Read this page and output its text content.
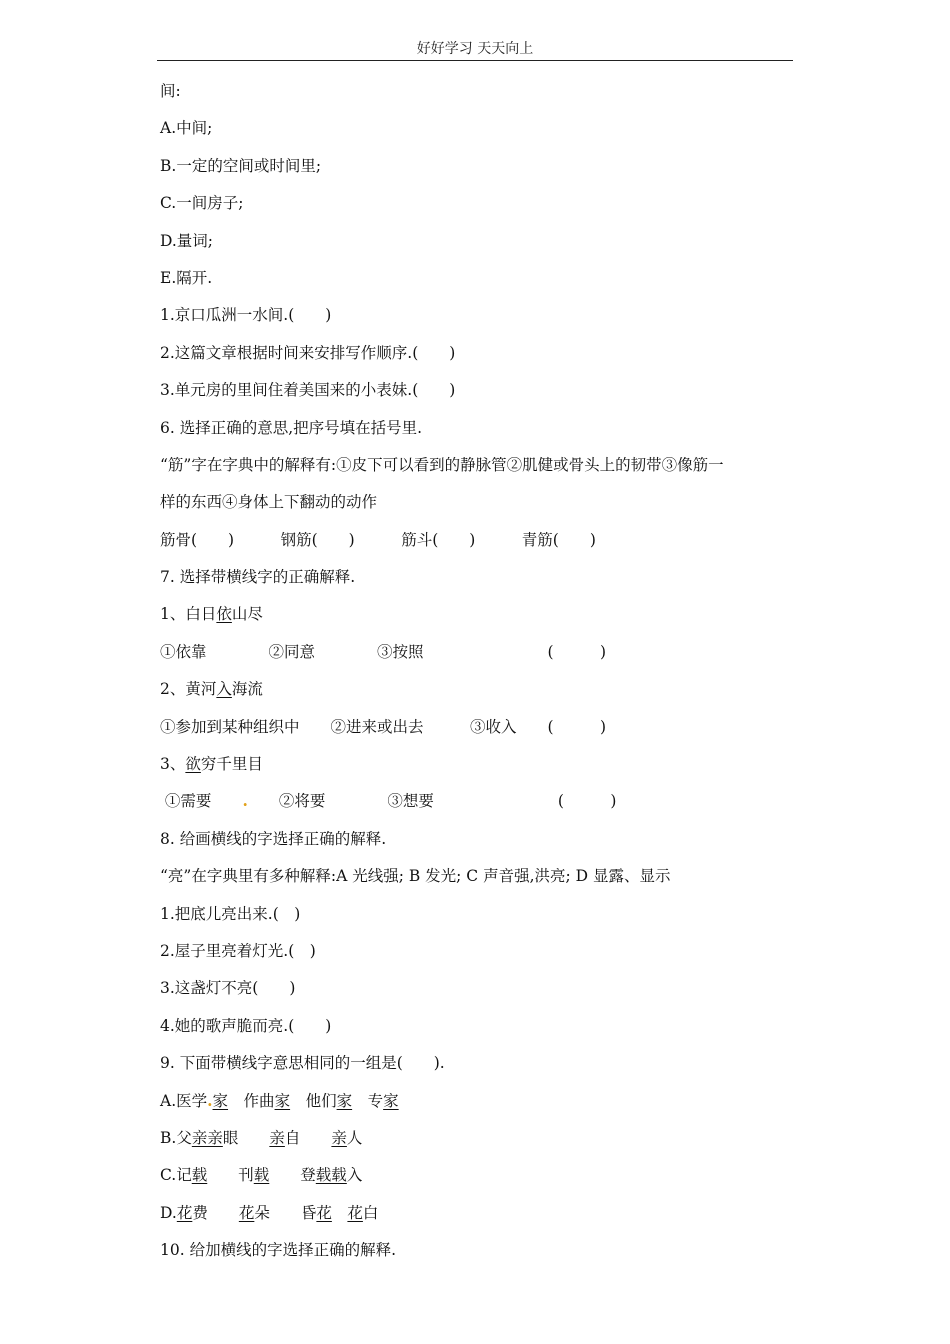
好好学习 天天向上
间:
A.中间;
B.一定的空间或时间里;
C.一间房子;
D.量词;
E.隔开.
1.京口瓜洲一水间.(　　)
2.这篇文章根据时间来安排写作顺序.(　　)
3.单元房的里间住着美国来的小表妹.(　　)
6. 选择正确的意思,把序号填在括号里.
“筋”字在字典中的解释有:①皮下可以看到的静脉管②肌健或骨头上的韧带③像筋一
样的东西④身体上下翻动的动作
筋骨(　　)　　　钢筋(　　)　　　筋斗(　　)　　　青筋(　　)
7. 选择带横线字的正确解释.
1、白日依山尽
①依靠　　　　②同意　　　　③按照　　　　　　　　(　　　)
2、黄河入海流
①参加到某种组织中　　②进来或出去　　　③收入　　(　　　)
3、欲穷千里目
①需要　　.　　②将要　　　　③想要　　　　　　　　(　　　)
8. 给画横线的字选择正确的解释.
“亮”在字典里有多种解释:A 光线强; B 发光; C 声音强,洪亮; D 显露、显示
1.把底儿亮出来.(　)
2.屋子里亮着灯光.(　)
3.这盏灯不亮(　　)
4.她的歌声脆而亮.(　　)
9. 下面带横线字意思相同的一组是(　　).
A.医学.家　作曲家　他们家　专家
B.父亲亲眼　　亲自　　亲人
C.记载　　刊载　　登载载入
D.花费　　花朵　　昏花　 花白
10. 给加横线的字选择正确的解释.
